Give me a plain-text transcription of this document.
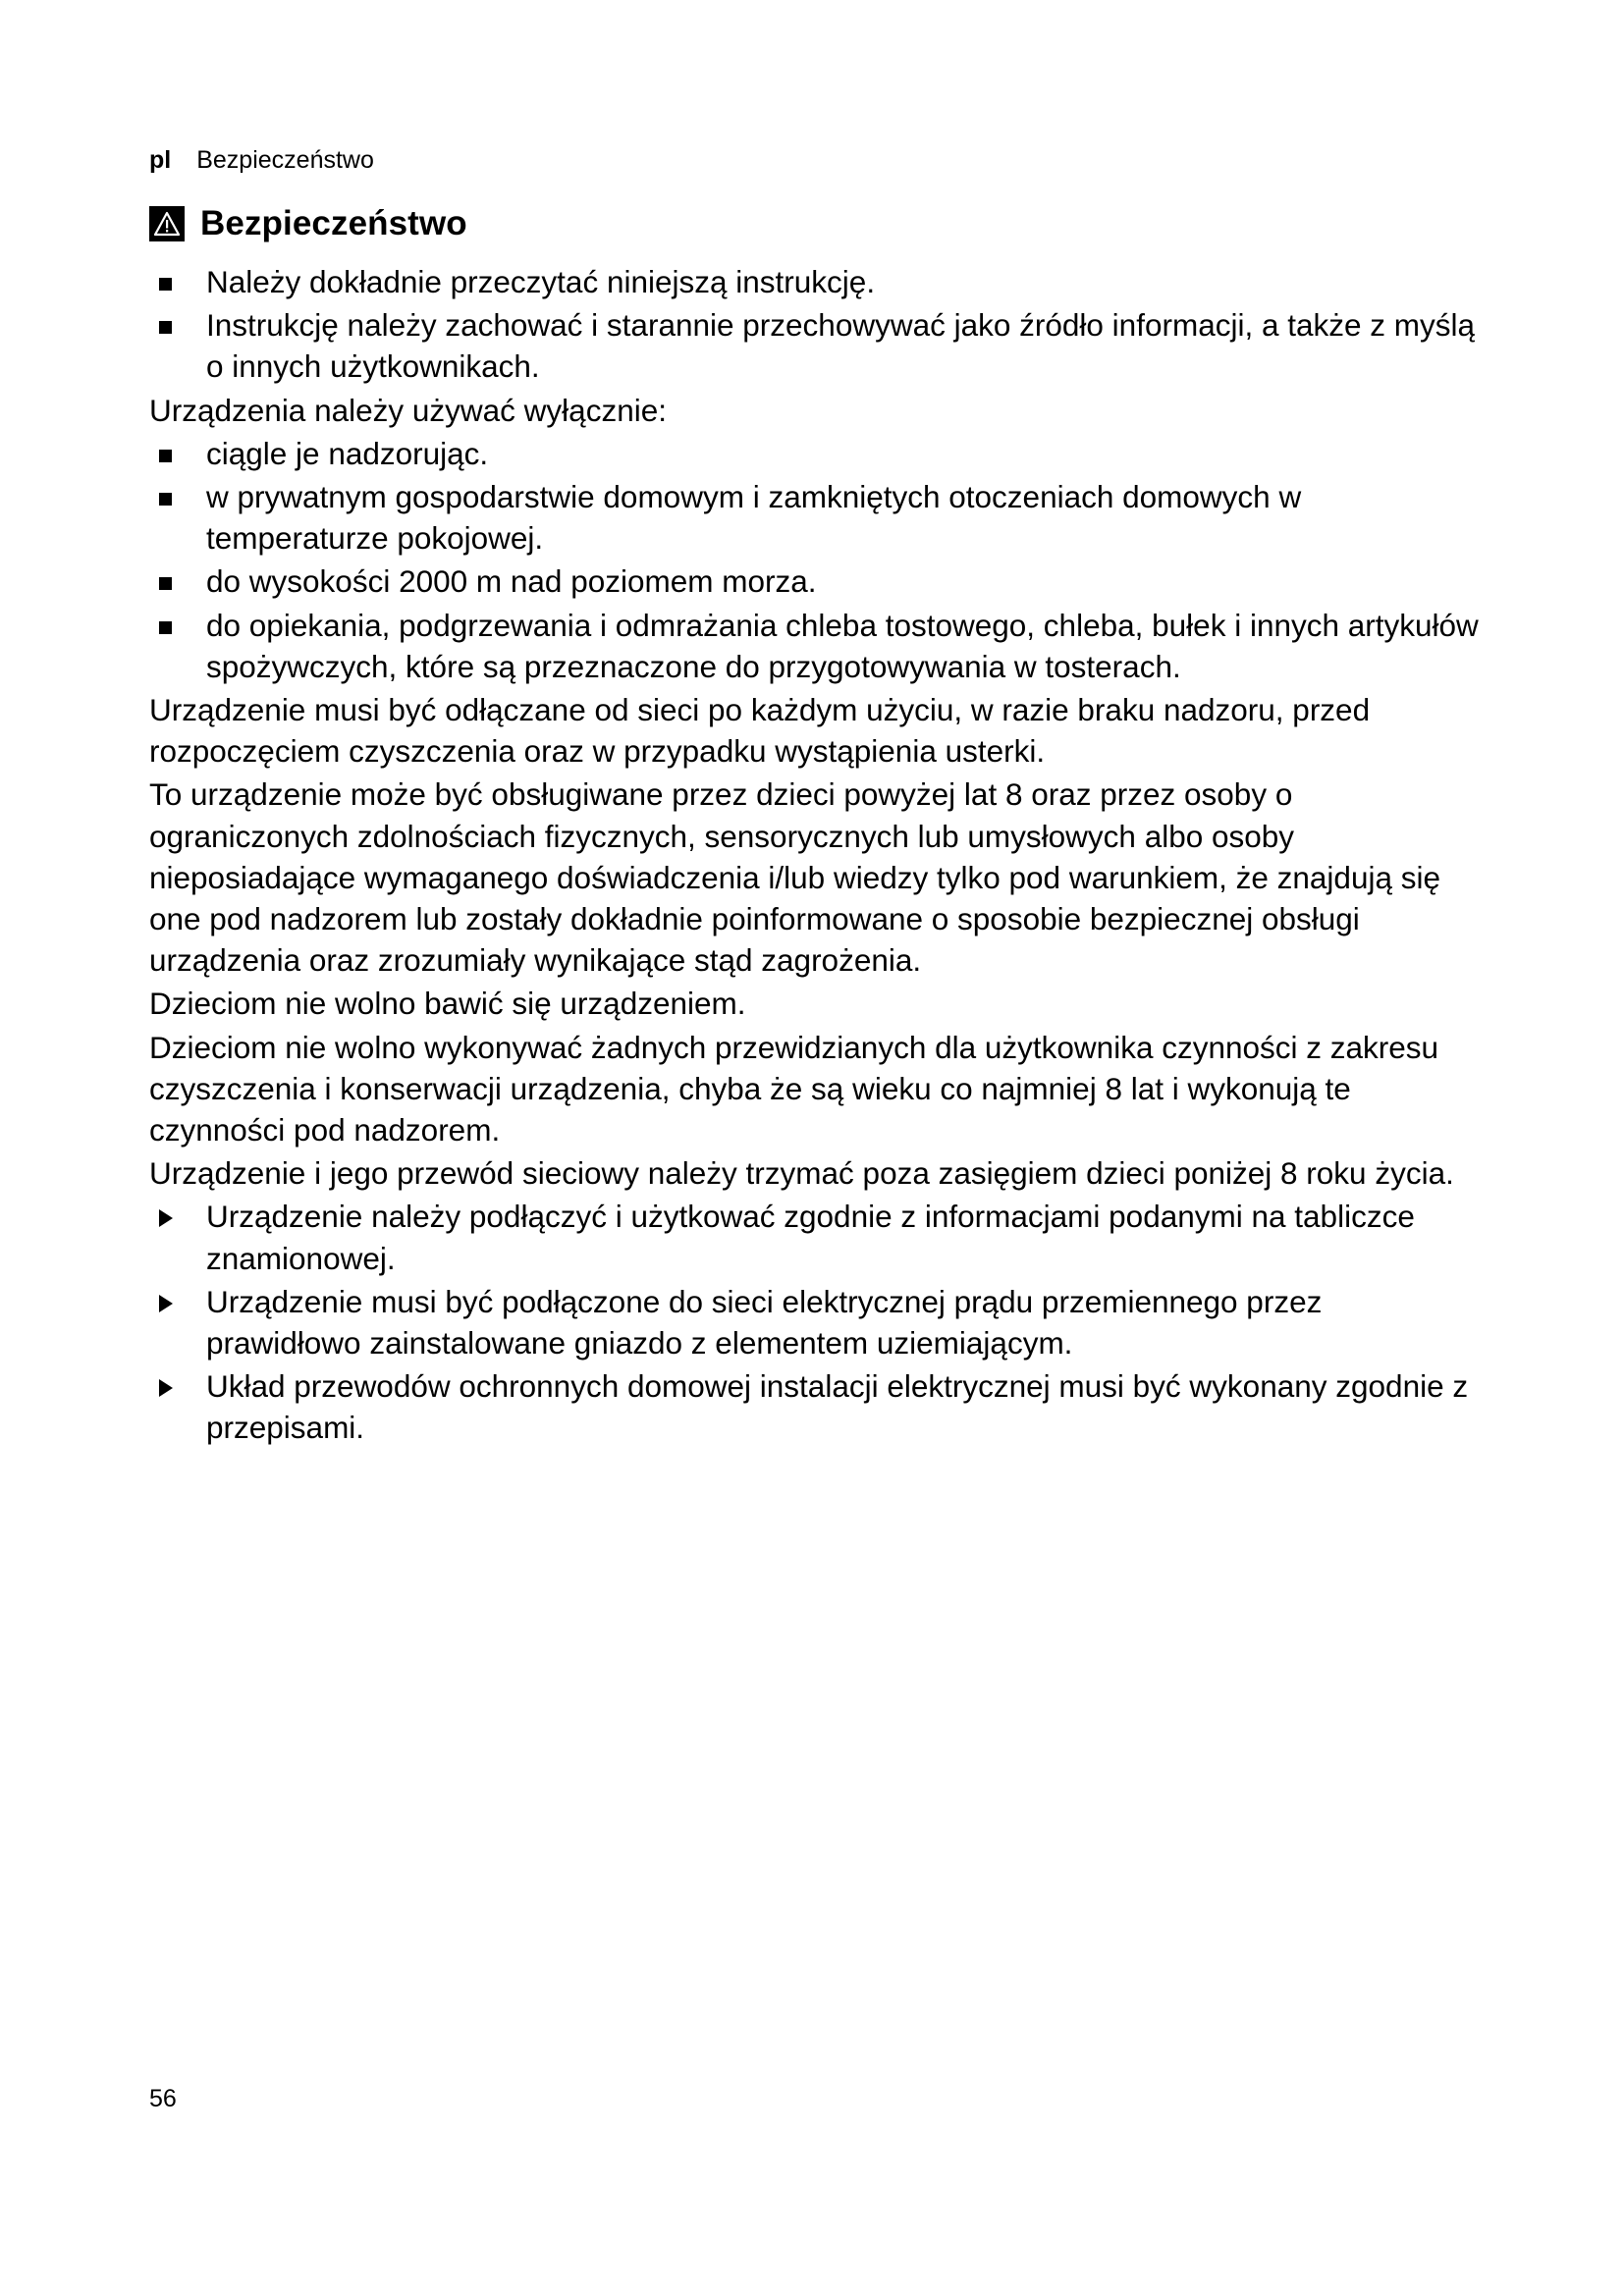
pl Bezpieczeństwo
Bezpieczeństwo
Należy dokładnie przeczytać niniejszą instrukcję.
Instrukcję należy zachować i starannie przechowywać jako źródło informacji, a także z myślą o innych użytkownikach.

Urządzenia należy używać wyłącznie:

ciągle je nadzorując.
w prywatnym gospodarstwie domowym i zamkniętych otoczeniach domowych w temperaturze pokojowej.
do wysokości 2000 m nad poziomem morza.
do opiekania, podgrzewania i odmrażania chleba tostowego, chleba, bułek i innych artykułów spożywczych, które są przeznaczone do przygotowywania w tosterach.

Urządzenie musi być odłączane od sieci po każdym użyciu, w razie braku nadzoru, przed rozpoczęciem czyszczenia oraz w przypadku wystąpienia usterki.

To urządzenie może być obsługiwane przez dzieci powyżej lat 8 oraz przez osoby o ograniczonych zdolnościach fizycznych, sensorycznych lub umysłowych albo osoby nieposiadające wymaganego doświadczenia i/lub wiedzy tylko pod warunkiem, że znajdują się one pod nadzorem lub zostały dokładnie poinformowane o sposobie bezpiecznej obsługi urządzenia oraz zrozumiały wynikające stąd zagrożenia.

Dzieciom nie wolno bawić się urządzeniem.

Dzieciom nie wolno wykonywać żadnych przewidzianych dla użytkownika czynności z zakresu czyszczenia i konserwacji urządzenia, chyba że są wieku co najmniej 8 lat i wykonują te czynności pod nadzorem.

Urządzenie i jego przewód sieciowy należy trzymać poza zasięgiem dzieci poniżej 8 roku życia.

Urządzenie należy podłączyć i użytkować zgodnie z informacjami podanymi na tabliczce znamionowej.
Urządzenie musi być podłączone do sieci elektrycznej prądu przemiennego przez prawidłowo zainstalowane gniazdo z elementem uziemiającym.
Układ przewodów ochronnych domowej instalacji elektrycznej musi być wykonany zgodnie z przepisami.
56
